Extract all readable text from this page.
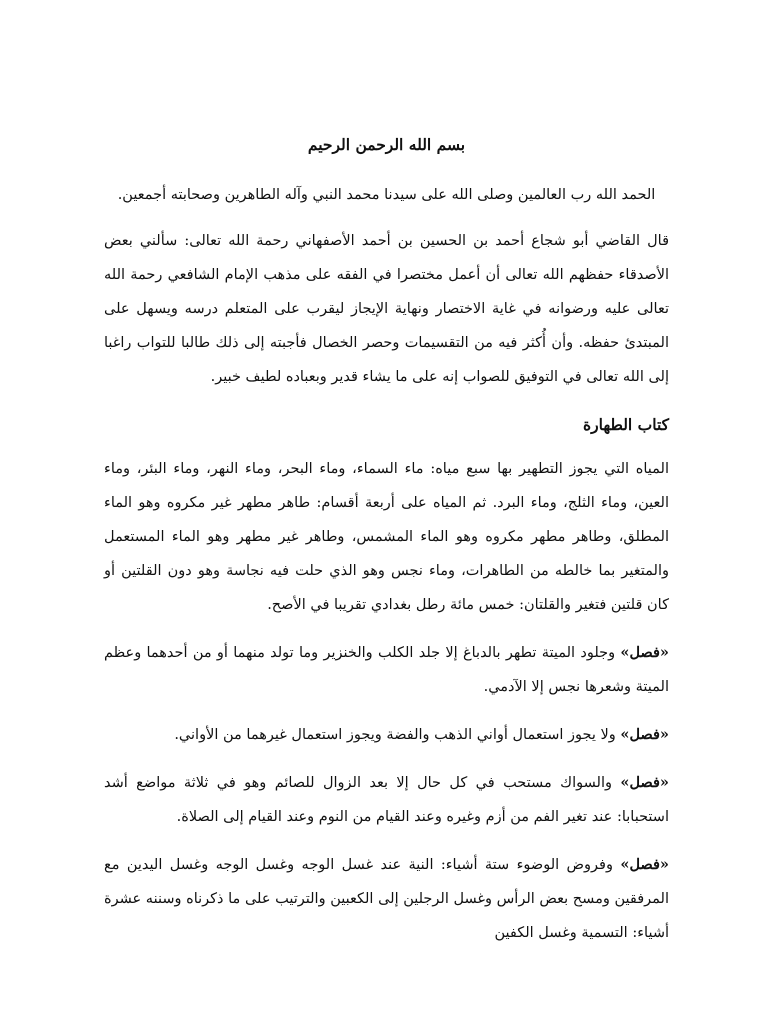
بسم الله الرحمن الرحيم
الحمد الله رب العالمين وصلى الله على سيدنا محمد النبي وآله الطاهرين وصحابته أجمعين.
قال القاضي أبو شجاع أحمد بن الحسين بن أحمد الأصفهاني رحمة الله تعالى: سألني بعض الأصدقاء حفظهم الله تعالى أن أعمل مختصرا في الفقه على مذهب الإمام الشافعي رحمة الله تعالى عليه ورضوانه في غاية الاختصار ونهاية الإيجاز ليقرب على المتعلم درسه ويسهل على المبتدئ حفظه. وأن أُكثر فيه من التقسيمات وحصر الخصال فأجبته إلى ذلك طالبا للتواب راغبا إلى الله تعالى في التوفيق للصواب إنه على ما يشاء قدير وبعباده لطيف خبير.
كتاب الطهارة
المياه التي يجوز التطهير بها سبع مياه: ماء السماء، وماء البحر، وماء النهر، وماء البئر، وماء العين، وماء الثلج، وماء البرد. ثم المياه على أربعة أقسام: طاهر مطهر غير مكروه وهو الماء المطلق، وطاهر مطهر مكروه وهو الماء المشمس، وطاهر غير مطهر وهو الماء المستعمل والمتغير بما خالطه من الطاهرات، وماء نجس وهو الذي حلت فيه نجاسة وهو دون القلتين أو كان قلتين فتغير والقلتان: خمس مائة رطل بغدادي تقريبا في الأصح.
«فصل» وجلود الميتة تطهر بالدباغ إلا جلد الكلب والخنزير وما تولد منهما أو من أحدهما وعظم الميتة وشعرها نجس إلا الآدمي.
«فصل» ولا يجوز استعمال أواني الذهب والفضة ويجوز استعمال غيرهما من الأواني.
«فصل» والسواك مستحب في كل حال إلا بعد الزوال للصائم وهو في ثلاثة مواضع أشد استحبابا: عند تغير الفم من أزم وغيره وعند القيام من النوم وعند القيام إلى الصلاة.
«فصل» وفروض الوضوء ستة أشياء: النية عند غسل الوجه وغسل الوجه وغسل اليدين مع المرفقين ومسح بعض الرأس وغسل الرجلين إلى الكعبين والترتيب على ما ذكرناه وسننه عشرة أشياء: التسمية وغسل الكفين
